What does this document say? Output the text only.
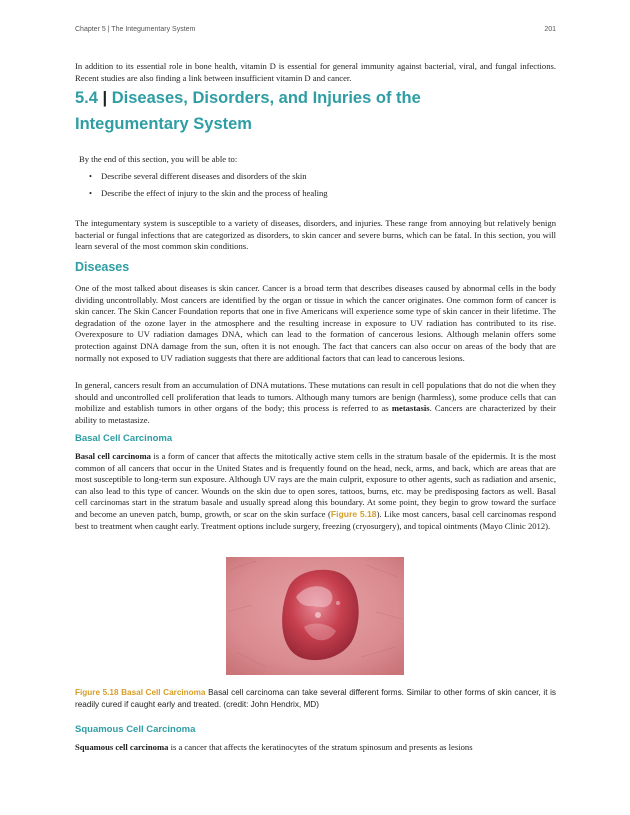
Chapter 5 | The Integumentary System	201

In addition to its essential role in bone health, vitamin D is essential for general immunity against bacterial, viral, and fungal infections. Recent studies are also finding a link between insufficient vitamin D and cancer.

5.4 | Diseases, Disorders, and Injuries of the
Integumentary System
By the end of this section, you will be able to:
• Describe several different diseases and disorders of the skin
• Describe the effect of injury to the skin and the process of healing

The integumentary system is susceptible to a variety of diseases, disorders, and injuries. These range from annoying but relatively benign bacterial or fungal infections that are categorized as disorders, to skin cancer and severe burns, which can be fatal. In this section, you will learn several of the most common skin conditions.

Diseases

One of the most talked about diseases is skin cancer. Cancer is a broad term that describes diseases caused by abnormal cells in the body dividing uncontrollably. Most cancers are identified by the organ or tissue in which the cancer originates. One common form of cancer is skin cancer. The Skin Cancer Foundation reports that one in five Americans will experience some type of skin cancer in their lifetime. The degradation of the ozone layer in the atmosphere and the resulting increase in exposure to UV radiation has contributed to its rise. Overexposure to UV radiation damages DNA, which can lead to the formation of cancerous lesions. Although melanin offers some protection against DNA damage from the sun, often it is not enough. The fact that cancers can also occur on areas of the body that are normally not exposed to UV radiation suggests that there are additional factors that can lead to cancerous lesions.

In general, cancers result from an accumulation of DNA mutations. These mutations can result in cell populations that do not die when they should and uncontrolled cell proliferation that leads to tumors. Although many tumors are benign (harmless), some produce cells that can mobilize and establish tumors in other organs of the body; this process is referred to as metastasis. Cancers are characterized by their ability to metastasize.

Basal Cell Carcinoma

Basal cell carcinoma is a form of cancer that affects the mitotically active stem cells in the stratum basale of the epidermis. It is the most common of all cancers that occur in the United States and is frequently found on the head, neck, arms, and back, which are areas that are most susceptible to long-term sun exposure. Although UV rays are the main culprit, exposure to other agents, such as radiation and arsenic, can also lead to this type of cancer. Wounds on the skin due to open sores, tattoos, burns, etc. may be predisposing factors as well. Basal cell carcinomas start in the stratum basale and usually spread along this boundary. At some point, they begin to grow toward the surface and become an uneven patch, bump, growth, or scar on the skin surface (Figure 5.18). Like most cancers, basal cell carcinomas respond best to treatment when caught early. Treatment options include surgery, freezing (cryosurgery), and topical ointments (Mayo Clinic 2012).

Figure 5.18 Basal Cell Carcinoma Basal cell carcinoma can take several different forms. Similar to other forms of skin cancer, it is readily cured if caught early and treated. (credit: John Hendrix, MD)

Squamous Cell Carcinoma

Squamous cell carcinoma is a cancer that affects the keratinocytes of the stratum spinosum and presents as lesions
